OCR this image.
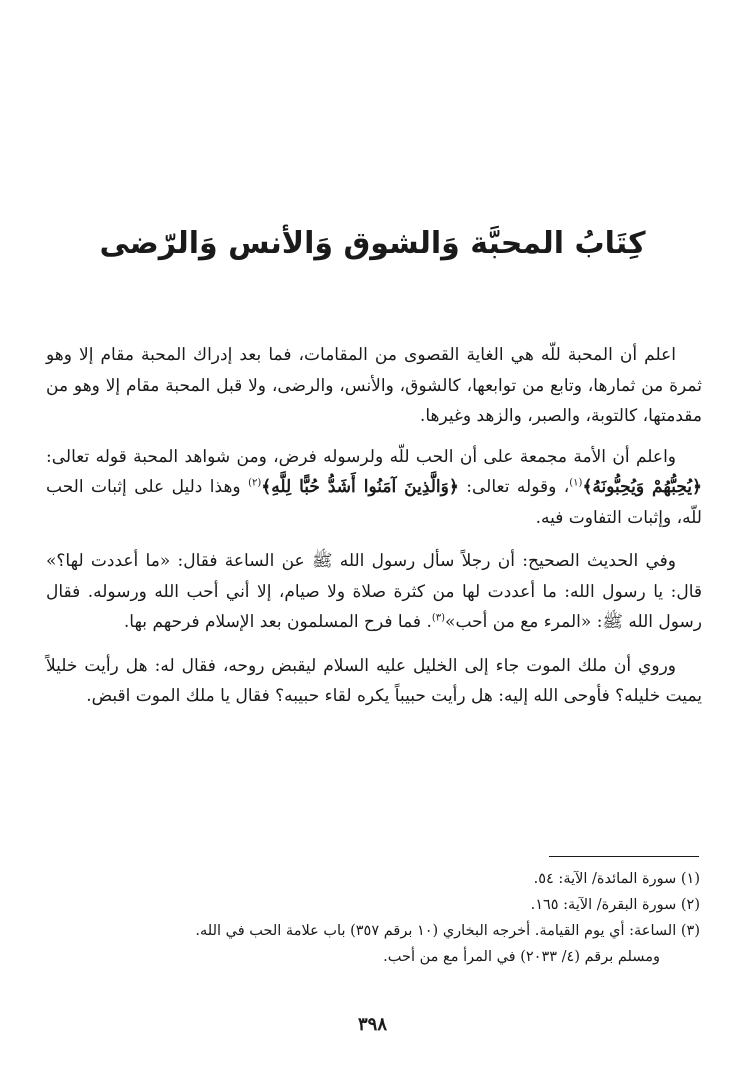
كِتَابُ المحبَّة وَالشوق وَالأنس وَالرّضى

اعلم أن المحبة للّه هي الغاية القصوى من المقامات، فما بعد إدراك المحبة مقام إلا وهو ثمرة من ثمارها، وتابع من توابعها، كالشوق، والأنس، والرضى، ولا قبل المحبة مقام إلا وهو من مقدمتها، كالتوبة، والصبر، والزهد وغيرها.

واعلم أن الأمة مجمعة على أن الحب للّه ولرسوله فرض، ومن شواهد المحبة قوله تعالى: ﴿يُحِبُّهُمْ وَيُحِبُّونَهُ﴾$^{(١)}$، وقوله تعالى: ﴿وَالَّذِينَ آمَنُوا أَشَدُّ حُبًّا لِلَّهِ﴾$^{(٢)}$ وهذا دليل على إثبات الحب للّه، وإثبات التفاوت فيه.

وفي الحديث الصحيح: أن رجلاً سأل رسول الله ﷺ عن الساعة فقال: «ما أعددت لها؟» قال: يا رسول الله: ما أعددت لها من كثرة صلاة ولا صيام، إلا أني أحب الله ورسوله. فقال رسول الله ﷺ: «المرء مع من أحب»$^{(٣)}$. فما فرح المسلمون بعد الإسلام فرحهم بها.

وروي أن ملك الموت جاء إلى الخليل عليه السلام ليقبض روحه، فقال له: هل رأيت خليلاً يميت خليله؟ فأوحى الله إليه: هل رأيت حبيباً يكره لقاء حبيبه؟ فقال يا ملك الموت اقبض.

(١) سورة المائدة/ الآية: ٥٤.

(٢) سورة البقرة/ الآية: ١٦٥.

(٣) الساعة: أي يوم القيامة. أخرجه البخاري (١٠ برقم ٣٥٧) باب علامة الحب في الله.

ومسلم برقم (٤/ ٢٠٣٣) في المرأ مع من أحب.

٣٩٨
